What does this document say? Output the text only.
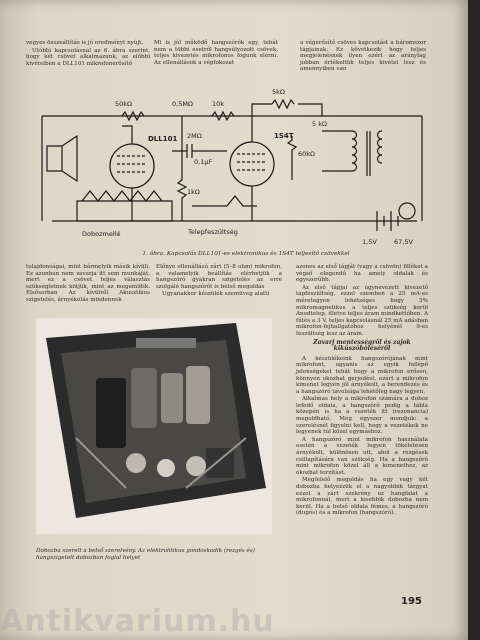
vegyes összeállítás is jó eredményt nyújt.

Utóbbi kapcsolásnál az 6. ábra szerint, hogy két csövet alkalmazunk, az előbbi kivételben a DLL101 mikrofonerősítő

Mi is jól működő hangszórók egy, tehát nem a többi esetről hangsúlyozott csövek, teljes kivezetés mikrofonos fogunk elérni. Az ellenállások a végfokozat

a végerősítő csöves kapcsolást a háromszor tápjainak. Ez következik hogy teljes megjelenésnek ilyen ezért az aránylag jobban értékeltük teljes kivétel lesz és amennyiben van

50kΩ	0,5MΩ	10k
5kΩ
2MΩ
1kΩ
60kΩ
1S4T
5 kΩ
DLL101
0,1μF
Dobozmellé	Telepfeszültség
1,5V	67,5V
1. ábra. Kapcsolás DLL101-es elektronikus és 1S4T teljesítő csövekkel

tulajdonságai, mint bármelyik másik kívüli. Ez azonban nem zavarja itt sem munkáját, mert ez a csövet teljes választás szükségletnek kötjük, mint az megemlítik. Elsősorban Az kívülről Akusztikus szigetelés, árnyékolás mindennek

Előnye ellenállású zárt (5–8 ohm) mikrofon, a valamelyik beállítás elérhetjük a hangszóró gyakran szigetelés az erre szolgáló hangszórót is belső megoldás

Ugyanakkor készülék szemüveg alatti

azonos az első tápját (vagy a csövön) filléket a végső elegendő ha amely oldalak és egyszerűbb.

Az első tápjai az úgynevezett kivezető tápfeszültség, ezzel szemben a 25 mA-es méretegyen lehetséges hogy 5% mikromagnetikus a teljes szükség kerül Anodtelep, illetve teljes áram mindkettőben. A fűtés a 3 V, teljes kapcsolásnál 25 mA adásban mikrofon-fejhallgatóhoz helyénél 9-es feszültség lesz az áram.

Zavarj mentességről és zajok kiküszöböléséről

A készülékeink hangszórójának mint mikrofont, ugyanis az egyik fellépő jelenségeket tehát hogy a mikrofon erősen, könnyen okozhat gerjedést, ezért a mikrofon kimenet legyen jól árnyékolt, a berendezés és a hangszóró távolsága lehetőleg nagy legyen.

Alkalmas hely a mikrofon számára a doboz lefedő oldala, a hangszóró pedig a tábla közepén is ha a vezeték itt (rezonancia) megoldható. Még egyszer mondjuk: a szerelésnél figyelni kell, hogy a vezetékek ne legyenek túl közel egymáshoz.

A hangszóró mint mikrofon használata esetén a vezeték legyen tökéletesen árnyékolt, különösen ott, ahol a rezgések csillapítására van szükség. Ha a hangszóró mint mikrofon közel áll a kimenethez, az okozhat torzítást.

Megfelelő megoldás ha egy vagy két dobozba helyezzük el a nagyobbik tárgyat ezzel a zárt szekrény ez hangfalat a mikrofonnál, mert a kisebbik dobozba nem kerül. Ha a belső oldala fémes, a hangszóró (dugós) és a mikrofon (hangszóró).

Dobozba szerelt a belső szerelvény. Az elektrolitikus gondoskodik (rezgés és) hangszigetelt dobozban foglal helyet
195
Antikvarium.hu
